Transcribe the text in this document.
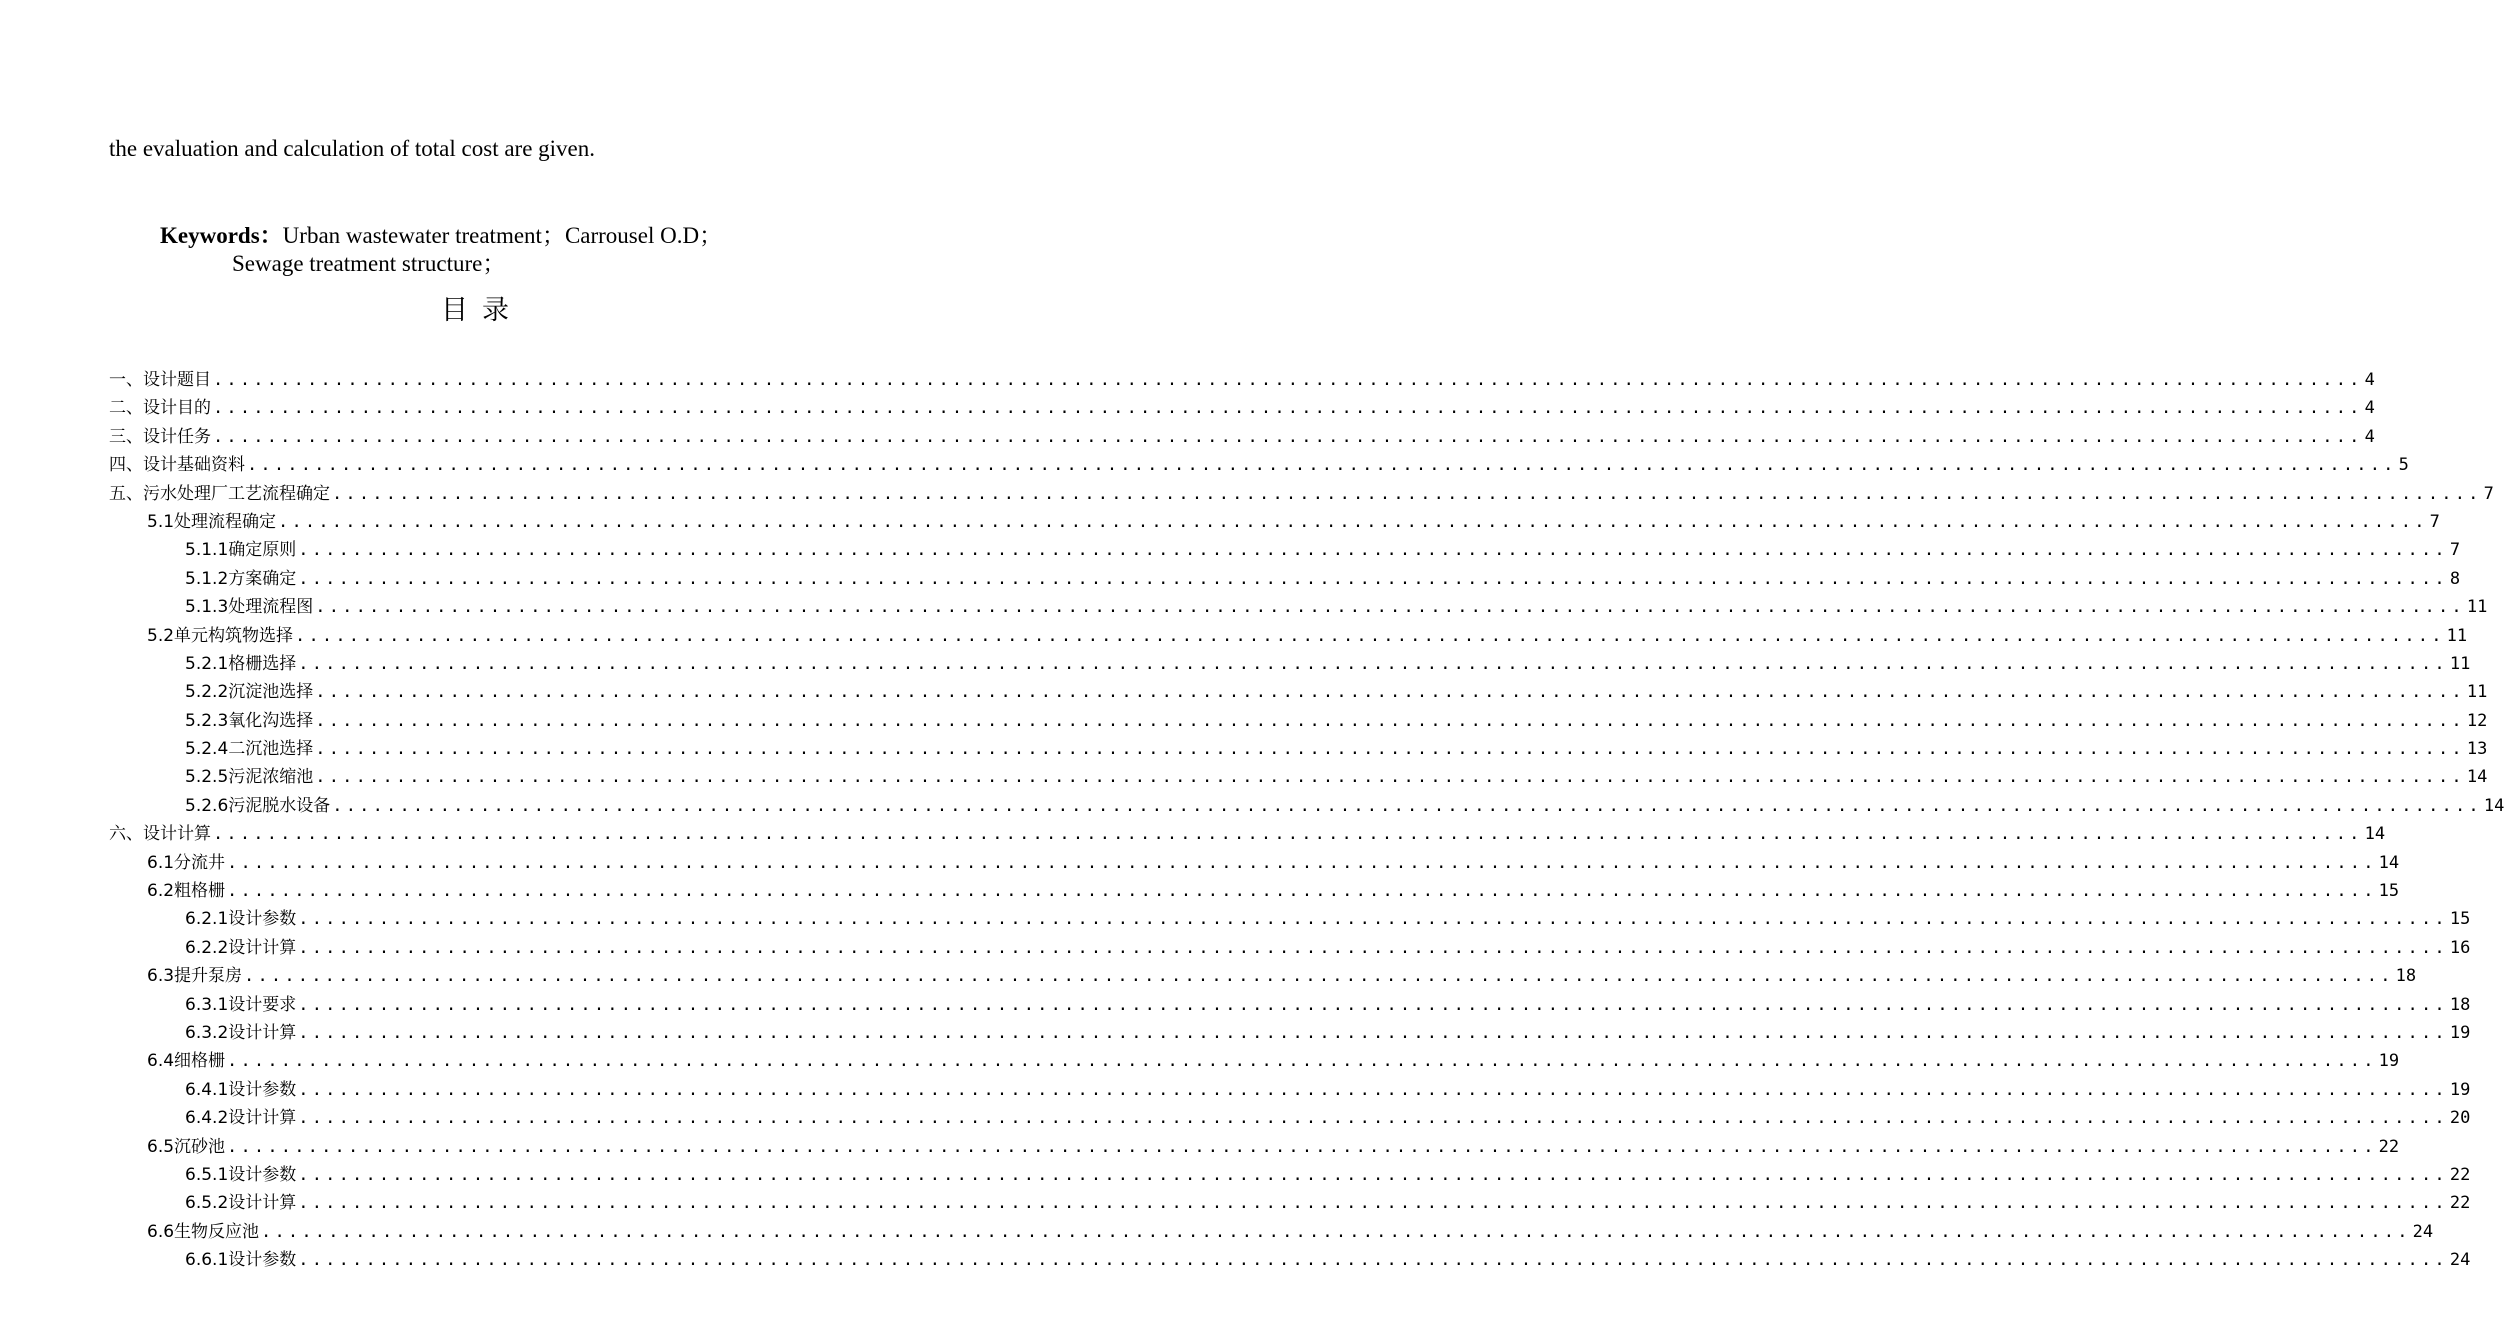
the evaluation and calculation of total cost are given.
Keywords：Urban wastewater treatment；Carrousel O.D；
Sewage treatment structure；
目录
一、设计题目 ................................................................................................................................................................ 4
二、设计目的 ................................................................................................................................................................ 4
三、设计任务 ................................................................................................................................................................ 4
四、设计基础资料 ................................................................................................................................................................ 5
五、污水处理厂工艺流程确定 ................................................................................................................................................................ 7
5.1处理流程确定 ................................................................................................................................................................ 7
5.1.1确定原则 ................................................................................................................................................................ 7
5.1.2方案确定 ................................................................................................................................................................ 8
5.1.3处理流程图 ................................................................................................................................................................ 11
5.2单元构筑物选择 ................................................................................................................................................................ 11
5.2.1格栅选择 ................................................................................................................................................................ 11
5.2.2沉淀池选择 ................................................................................................................................................................ 11
5.2.3氧化沟选择 ................................................................................................................................................................ 12
5.2.4二沉池选择 ................................................................................................................................................................ 13
5.2.5污泥浓缩池 ................................................................................................................................................................ 14
5.2.6污泥脱水设备 ................................................................................................................................................................ 14
六、设计计算 ................................................................................................................................................................ 14
6.1分流井 ................................................................................................................................................................ 14
6.2粗格栅 ................................................................................................................................................................ 15
6.2.1设计参数 ................................................................................................................................................................ 15
6.2.2设计计算 ................................................................................................................................................................ 16
6.3提升泵房 ................................................................................................................................................................ 18
6.3.1设计要求 ................................................................................................................................................................ 18
6.3.2设计计算 ................................................................................................................................................................ 19
6.4细格栅 ................................................................................................................................................................ 19
6.4.1设计参数 ................................................................................................................................................................ 19
6.4.2设计计算 ................................................................................................................................................................ 20
6.5沉砂池 ................................................................................................................................................................ 22
6.5.1设计参数 ................................................................................................................................................................ 22
6.5.2设计计算 ................................................................................................................................................................ 22
6.6生物反应池 ................................................................................................................................................................ 24
6.6.1设计参数 ................................................................................................................................................................ 24
